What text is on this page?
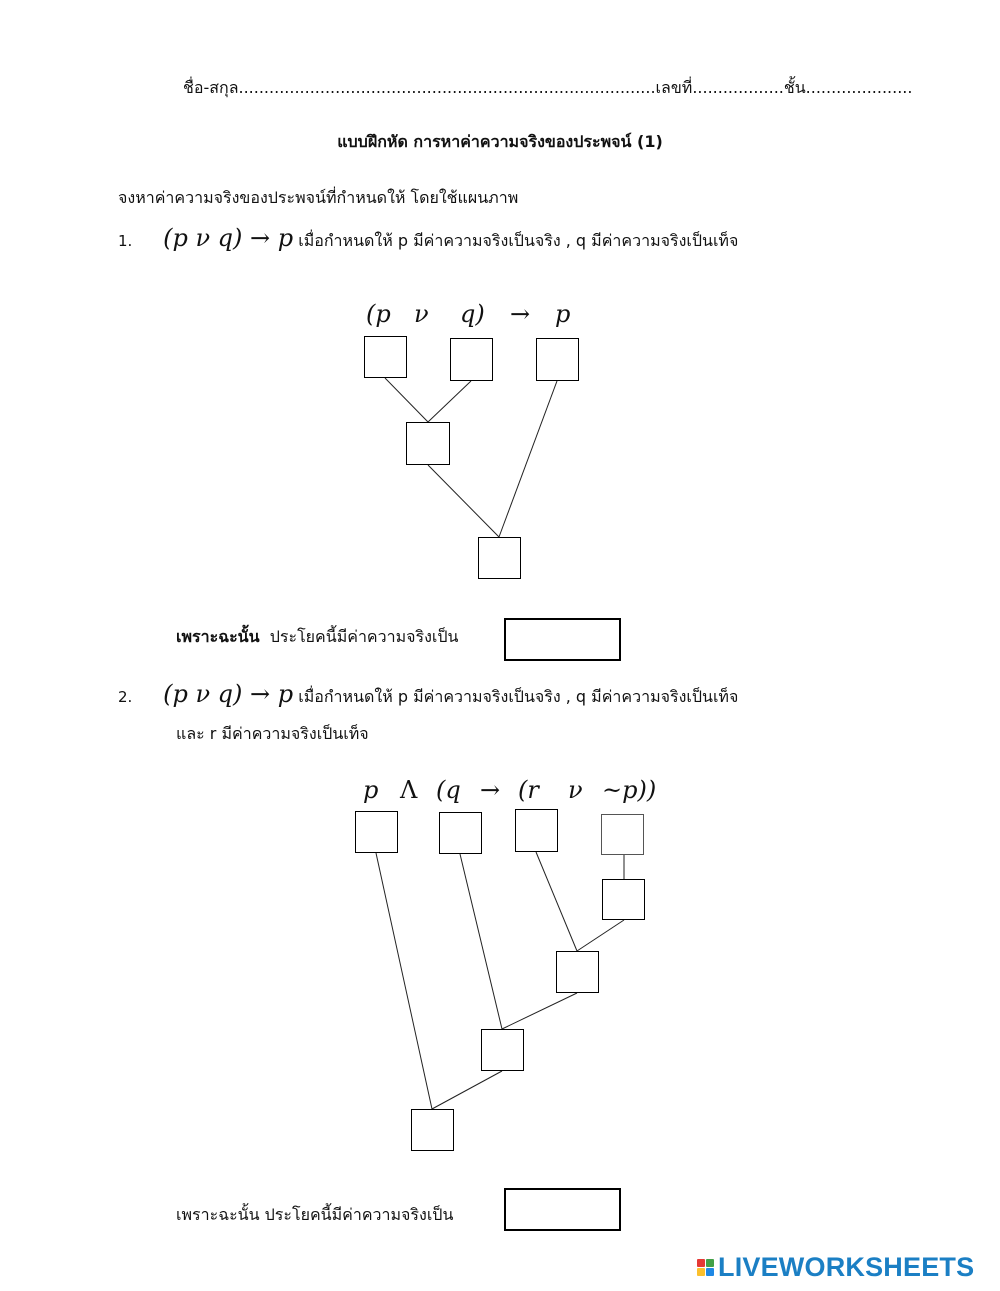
ชื่อ-สกุล..................................................................................เลขที่..................ชั้น.....................
แบบฝึกหัด การหาค่าความจริงของประพจน์ (1)
จงหาค่าความจริงของประพจน์ที่กำหนดให้ โดยใช้แผนภาพ
1. (p ν q) → p เมื่อกำหนดให้ p มีค่าความจริงเป็นจริง , q มีค่าความจริงเป็นเท็จ
(p ν q) → p
เพราะฉะนั้น ประโยคนี้มีค่าความจริงเป็น
2. (p ν q) → p เมื่อกำหนดให้ p มีค่าความจริงเป็นจริง , q มีค่าความจริงเป็นเท็จ
และ r มีค่าความจริงเป็นเท็จ
p Λ (q → (r ν ~p))
เพราะฉะนั้น ประโยคนี้มีค่าความจริงเป็น
LIVEWORKSHEETS
